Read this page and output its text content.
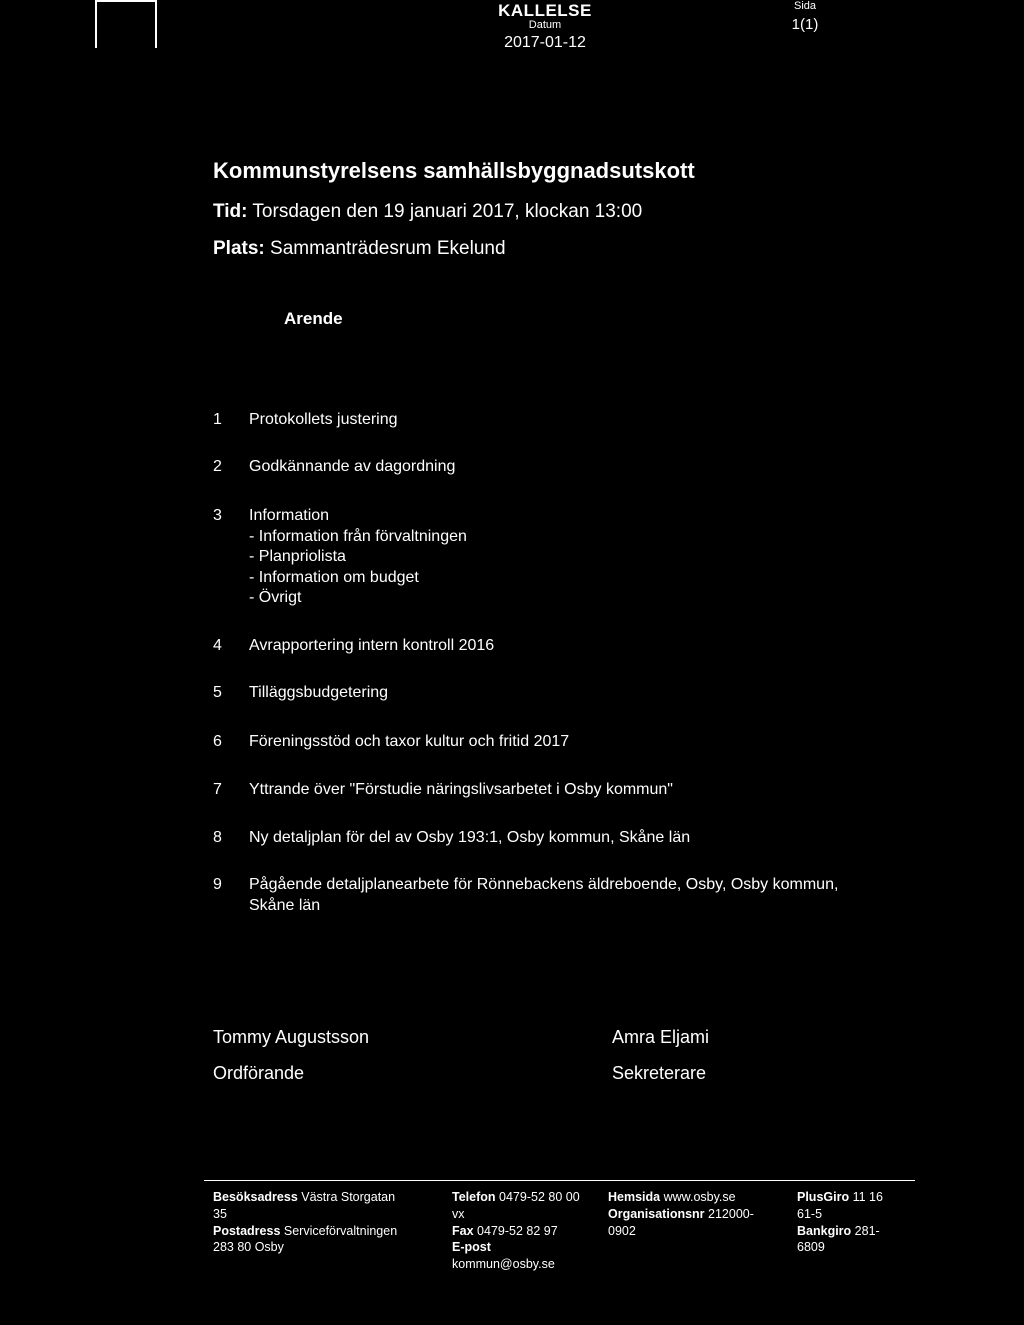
KALLELSE
Datum
2017-01-12
Sida
1(1)
Kommunstyrelsens samhällsbyggnadsutskott
Tid: Torsdagen den 19 januari 2017, klockan 13:00
Plats: Sammanträdesrum Ekelund
Arende
1	Protokollets justering
2	Godkännande av dagordning
3	Information
- Information från förvaltningen
- Planpriolista
- Information om budget
- Övrigt
4	Avrapportering intern kontroll 2016
5	Tilläggsbudgetering
6	Föreningsstöd och taxor kultur och fritid 2017
7	Yttrande över "Förstudie näringslivsarbetet i Osby kommun"
8	Ny detaljplan för del av Osby 193:1, Osby kommun, Skåne län
9	Pågående detaljplanearbete för Rönnebackens äldreboende, Osby, Osby kommun,
Skåne län
Tommy Augustsson
Ordförande
Amra Eljami
Sekreterare
Besöksadress Västra Storgatan
35
Postadress Serviceförvaltningen
283 80 Osby
Telefon 0479-52 80 00
vx
Fax 0479-52 82 97
E-post
kommun@osby.se
Hemsida www.osby.se
Organisationsnr 212000-
0902
PlusGiro 11 16
61-5
Bankgiro 281-
6809
